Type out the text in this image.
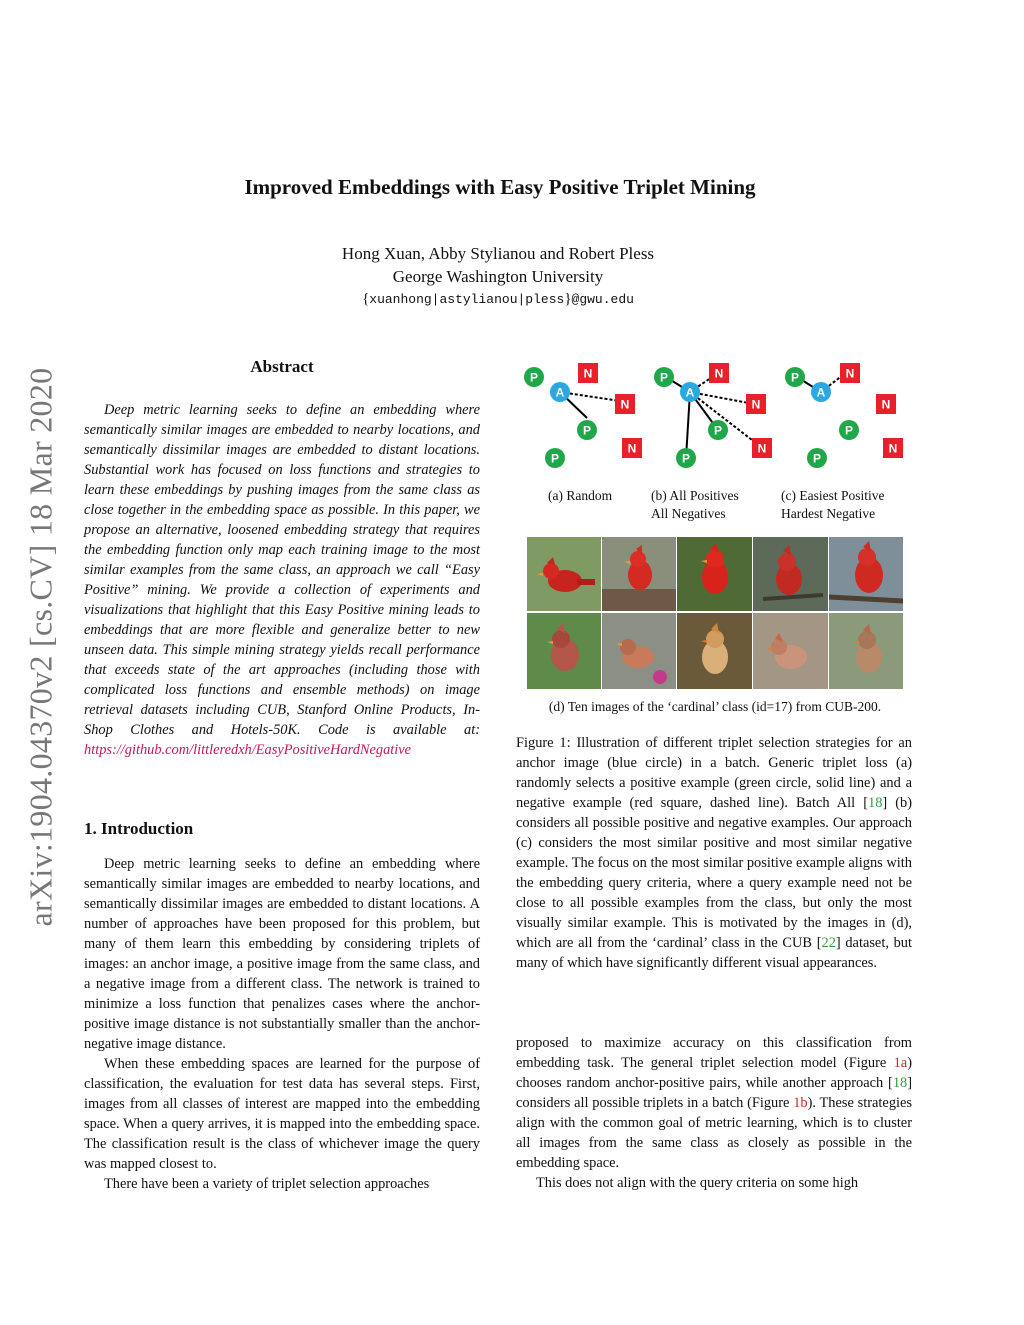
Improved Embeddings with Easy Positive Triplet Mining
Hong Xuan, Abby Stylianou and Robert Pless
George Washington University
{xuanhong|astylianou|pless}@gwu.edu
arXiv:1904.04370v2 [cs.CV] 18 Mar 2020
Abstract

Deep metric learning seeks to define an embedding where semantically similar images are embedded to nearby locations, and semantically dissimilar images are embedded to distant locations. Substantial work has focused on loss functions and strategies to learn these embeddings by pushing images from the same class as close together in the embedding space as possible. In this paper, we propose an alternative, loosened embedding strategy that requires the embedding function only map each training image to the most similar examples from the same class, an approach we call “Easy Positive” mining. We provide a collection of experiments and visualizations that highlight that this Easy Positive mining leads to embeddings that are more flexible and generalize better to new unseen data. This simple mining strategy yields recall performance that exceeds state of the art approaches (including those with complicated loss functions and ensemble methods) on image retrieval datasets including CUB, Stanford Online Products, In-Shop Clothes and Hotels-50K. Code is available at: https://github.com/littleredxh/EasyPositiveHardNegative

1. Introduction

Deep metric learning seeks to define an embedding where semantically similar images are embedded to nearby locations, and semantically dissimilar images are embedded to distant locations. A number of approaches have been proposed for this problem, but many of them learn this embedding by considering triplets of images: an anchor image, a positive image from the same class, and a negative image from a different class. The network is trained to minimize a loss function that penalizes cases where the anchor-positive image distance is not substantially smaller than the anchor-negative image distance.

When these embedding spaces are learned for the purpose of classification, the evaluation for test data has several steps. First, images from all classes of interest are mapped into the embedding space. When a query arrives, it is mapped into the embedding space. The classification result is the class of whichever image the query was mapped closest to.

There have been a variety of triplet selection approaches

P
P
P
A
N
N
N
P
P
P
A
N
N
N
P
P
P
A
N
N
N
(a) Random	(b) All Positives
All Negatives
(c) Easiest Positive
Hardest Negative
(d) Ten images of the ‘cardinal’ class (id=17) from CUB-200.

Figure 1: Illustration of different triplet selection strategies for an anchor image (blue circle) in a batch. Generic triplet loss (a) randomly selects a positive example (green circle, solid line) and a negative example (red square, dashed line). Batch All [18] (b) considers all possible positive and negative examples. Our approach (c) considers the most similar positive and most similar negative example. The focus on the most similar positive example aligns with the embedding query criteria, where a query example need not be close to all possible examples from the class, but only the most visually similar example. This is motivated by the images in (d), which are all from the ‘cardinal’ class in the CUB [22] dataset, but many of which have significantly different visual appearances.

proposed to maximize accuracy on this classification from embedding task. The general triplet selection model (Figure 1a) chooses random anchor-positive pairs, while another approach [18] considers all possible triplets in a batch (Figure 1b). These strategies align with the common goal of metric learning, which is to cluster all images from the same class as closely as possible in the embedding space.

This does not align with the query criteria on some high
